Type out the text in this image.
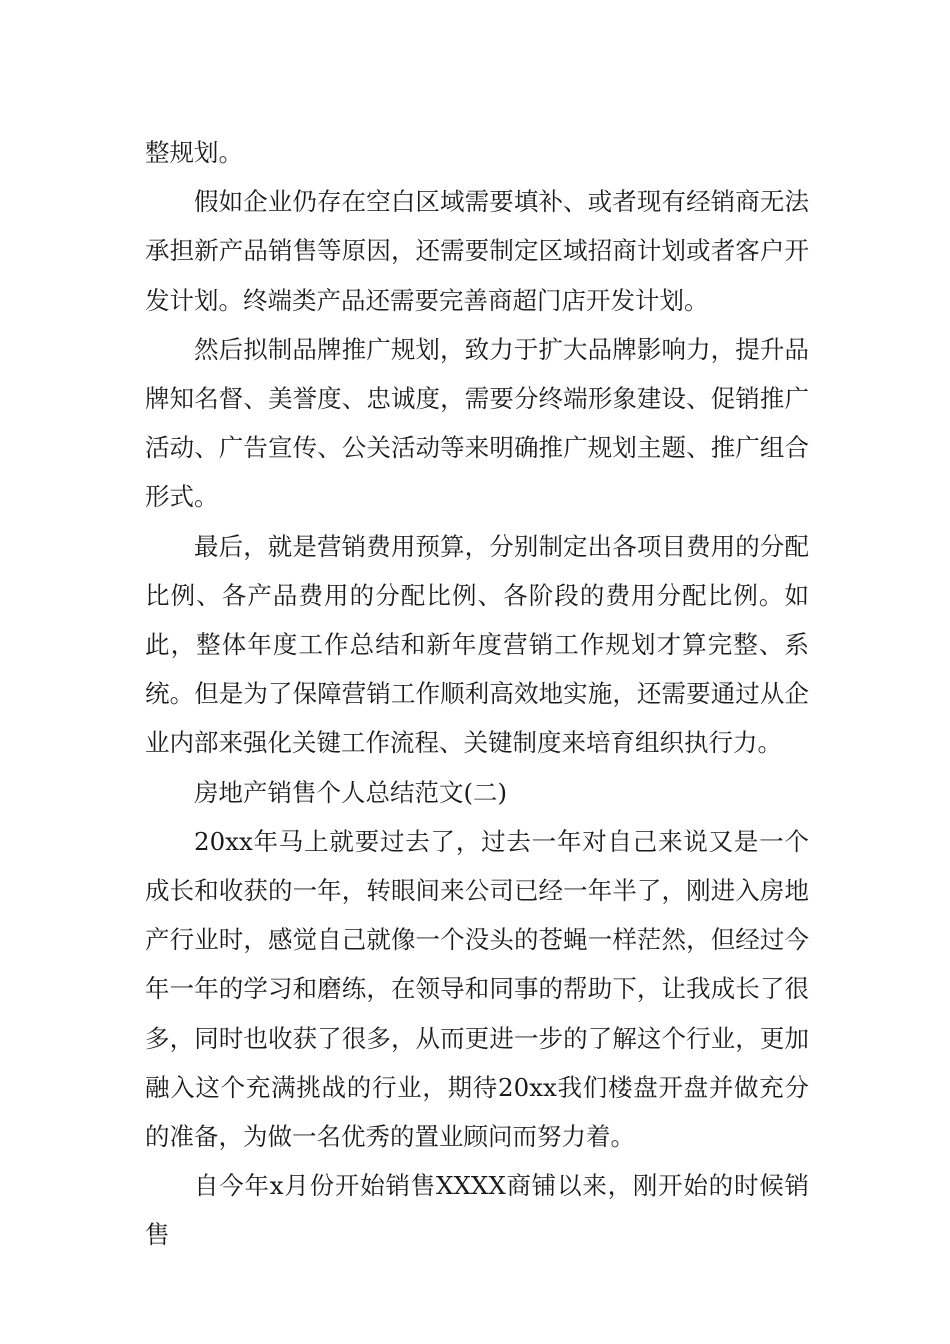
整规划。

假如企业仍存在空白区域需要填补、或者现有经销商无法承担新产品销售等原因，还需要制定区域招商计划或者客户开发计划。终端类产品还需要完善商超门店开发计划。

然后拟制品牌推广规划，致力于扩大品牌影响力，提升品牌知名督、美誉度、忠诚度，需要分终端形象建设、促销推广活动、广告宣传、公关活动等来明确推广规划主题、推广组合形式。

最后，就是营销费用预算，分别制定出各项目费用的分配比例、各产品费用的分配比例、各阶段的费用分配比例。如此，整体年度工作总结和新年度营销工作规划才算完整、系统。但是为了保障营销工作顺利高效地实施，还需要通过从企业内部来强化关键工作流程、关键制度来培育组织执行力。

房地产销售个人总结范文(二)

20xx年马上就要过去了，过去一年对自己来说又是一个成长和收获的一年，转眼间来公司已经一年半了，刚进入房地产行业时，感觉自己就像一个没头的苍蝇一样茫然，但经过今年一年的学习和磨练，在领导和同事的帮助下，让我成长了很多，同时也收获了很多，从而更进一步的了解这个行业，更加融入这个充满挑战的行业，期待20xx我们楼盘开盘并做充分的准备，为做一名优秀的置业顾问而努力着。

自今年x月份开始销售XXXX商铺以来，刚开始的时候销售
